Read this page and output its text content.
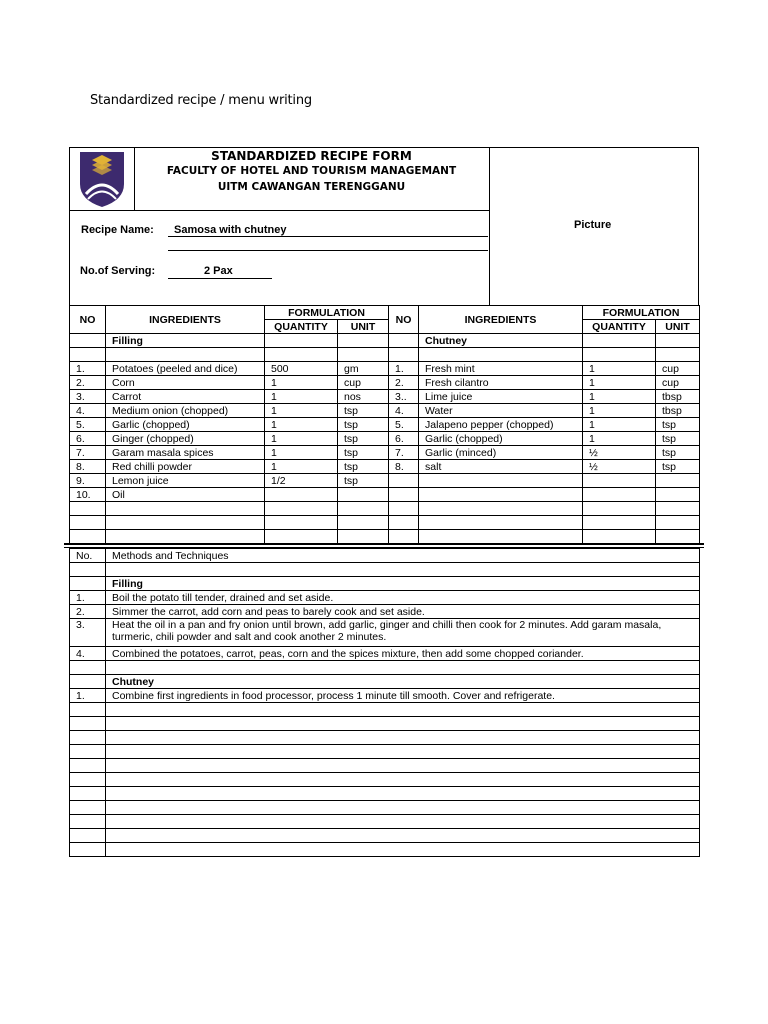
Standardized recipe / menu writing
STANDARDIZED RECIPE FORM
FACULTY OF HOTEL AND TOURISM MANAGEMANT
UITM CAWANGAN TERENGGANU
Picture
Recipe Name: Samosa with chutney
No.of Serving:	2 Pax
NO	INGREDIENTS	FORMULATION		NO	INGREDIENTS	FORMULATION	
		QUANTITY	UNIT			QUANTITY	UNIT
	Filling				Chutney		

1.	Potatoes (peeled and dice)	500	gm	1.	Fresh mint	1	cup
2.	Corn	1	cup	2.	Fresh cilantro	1	cup
3.	Carrot	1	nos	3..	Lime juice	1	tbsp
4.	Medium onion (chopped)	1	tsp	4.	Water	1	tbsp
5.	Garlic (chopped)	1	tsp	5.	Jalapeno pepper (chopped)	1	tsp
6.	Ginger (chopped)	1	tsp	6.	Garlic (chopped)	1	tsp
7.	Garam masala spices	1	tsp	7.	Garlic (minced)	½	tsp
8.	Red chilli powder	1	tsp	8.	salt	½	tsp
9.	Lemon juice	1/2	tsp				
10.	Oil						

No.	Methods and Techniques

	Filling
1.	Boil the potato till tender, drained and set aside.
2.	Simmer the carrot, add corn and peas to barely cook and set aside.
3.	Heat the oil in a pan and fry onion until brown, add garlic, ginger and chilli then cook for 2 minutes. Add garam masala, turmeric, chili powder and salt and cook another 2 minutes.
4.	Combined the potatoes, carrot, peas, corn and the spices mixture, then add some chopped coriander.

	Chutney
1.	Combine first ingredients in food processor, process 1 minute till smooth. Cover and refrigerate.
